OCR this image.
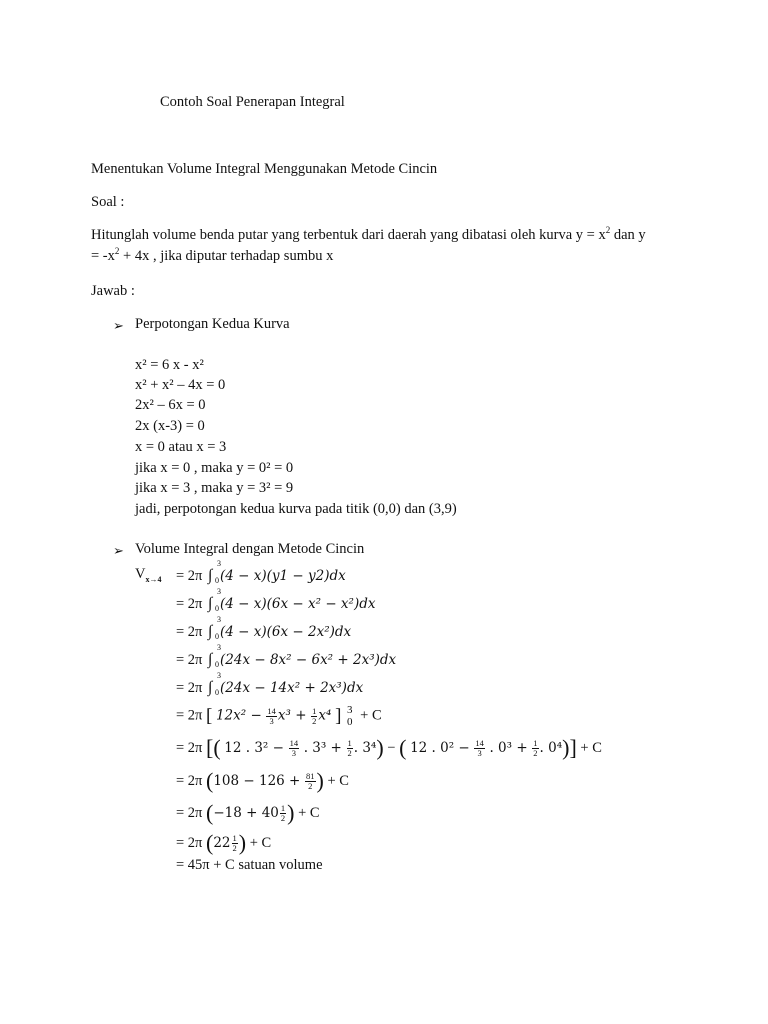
Contoh Soal Penerapan Integral
Menentukan Volume Integral Menggunakan Metode Cincin
Soal :
Hitunglah volume benda putar yang terbentuk dari daerah yang dibatasi oleh kurva $y = x^2$ dan y
= $-x^2 + 4x$ , jika diputar terhadap sumbu x
Jawab :
➢ Perpotongan Kedua Kurva
x² = 6 x - x²
x² + x² – 4x = 0
2x² – 6x = 0
2x (x-3) = 0
x = 0 atau x = 3
jika x = 0 , maka y = 0² = 0
jika x = 3 , maka y = 3² = 9
jadi, perpotongan kedua kurva pada titik (0,0) dan (3,9)
➢ Volume Integral dengan Metode Cincin
$V_{x\to 4} = 2\pi$ ∫
3
0 (4 − x)(y1 − y2)dx
= 2π ∫
3
0 (4 − x)(6x − x² − x²)dx
= 2π ∫
3
0 (4 − x)(6x − 2x²)dx
= 2π ∫
3
0 (24x − 8x² − 6x² + 2x³)dx
= 2π ∫
3
0 (24x − 14x² + 2x³)dx
= 2π [ $12x^2 - \frac{14}{3} x^3 + \frac{1}{2} x^4$ ] 3
0 + C
= 2π [( 12 . $3^2 - \frac{14}{3}$ . $3^3 + \frac{1}{2}$ . 3⁴) − ( 12 . $0^2 - \frac{14}{3}$ . $0^3 + \frac{1}{2}$ . 0⁴)] + C
= 2π ($108 - 126 + \frac{81}{2}$ ) + C
= 2π ($-18 + 40 \frac{1}{2}$ ) + C
= 2π ($22 \frac{1}{2}$ ) + C
= 45π + C satuan volume
